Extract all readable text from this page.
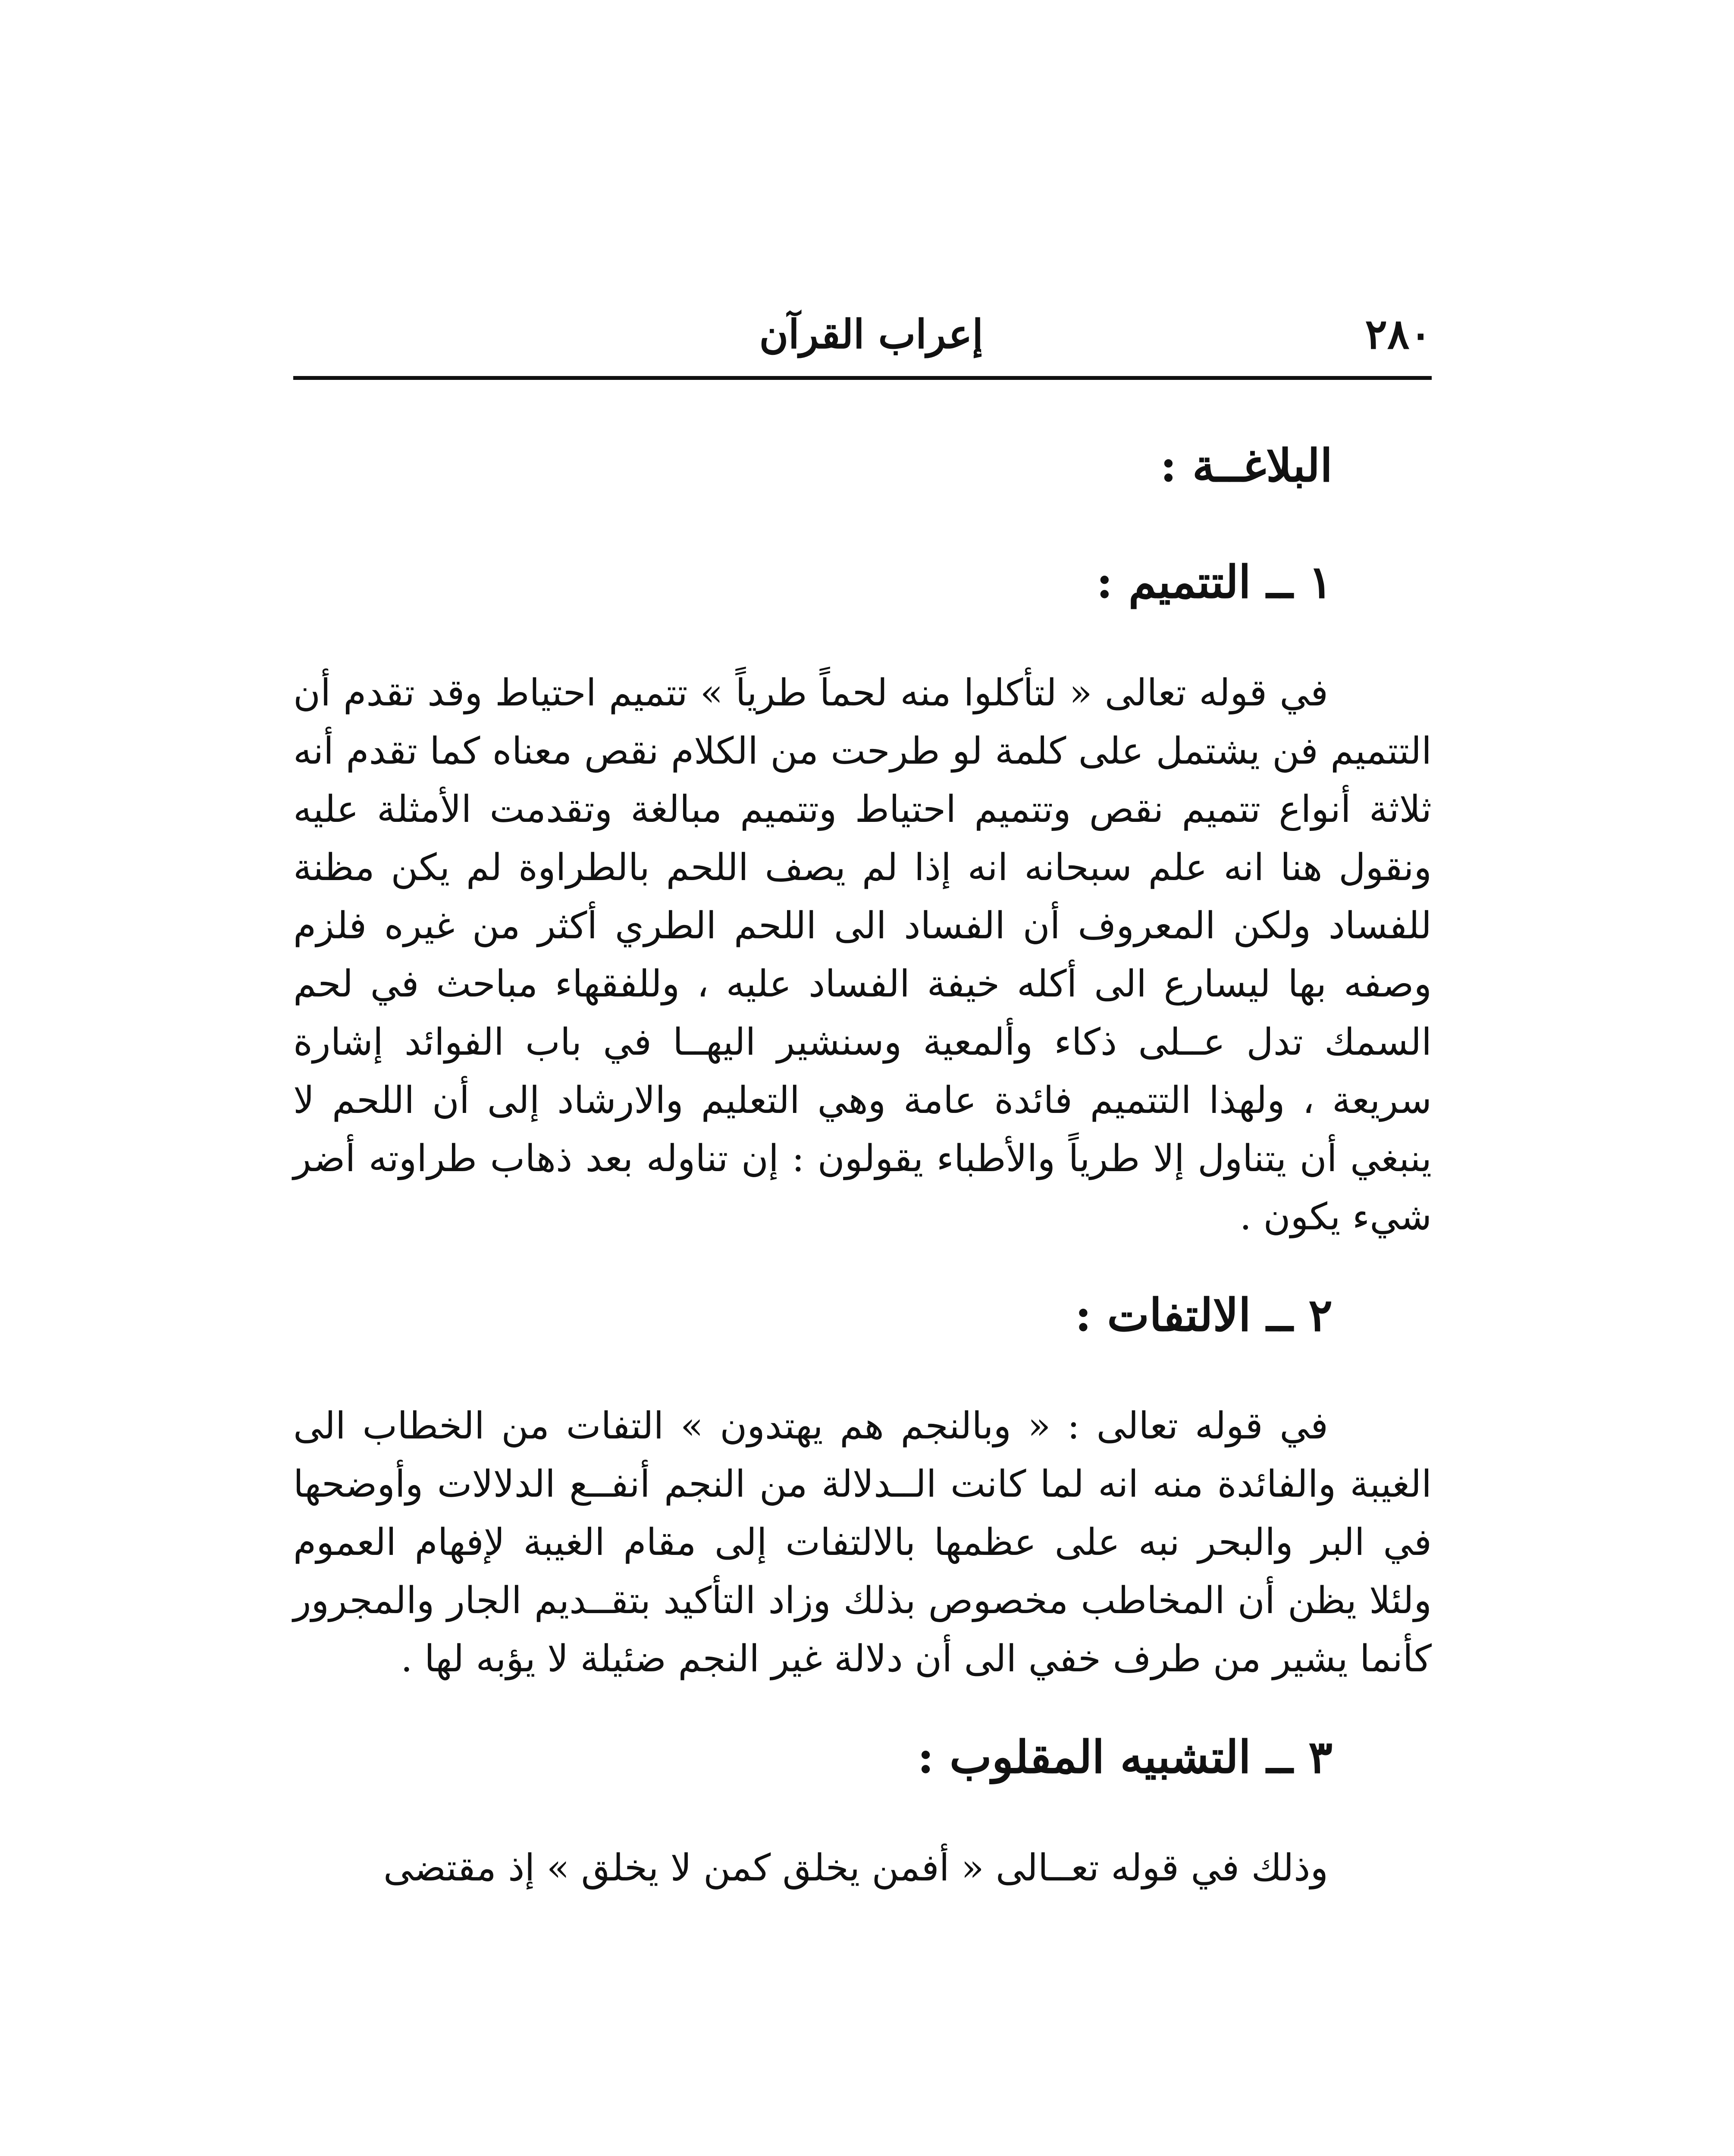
٢٨٠
إعراب القرآن
البلاغــة :
١ ــ التتميم :

في قوله تعالى « لتأكلوا منه لحماً طرياً » تتميم احتياط وقد تقدم أن التتميم فن يشتمل على كلمة لو طرحت من الكلام نقص معناه كما تقدم أنه ثلاثة أنواع تتميم نقص وتتميم احتياط وتتميم مبالغة وتقدمت الأمثلة عليه ونقول هنا انه علم سبحانه انه إذا لم يصف اللحم بالطراوة لم يكن مظنة للفساد ولكن المعروف أن الفساد الى اللحم الطري أكثر من غيره فلزم وصفه بها ليسارع الى أكله خيفة الفساد عليه ، وللفقهاء مباحث في لحم السمك تدل عــلى ذكاء وألمعية وسنشير اليهــا في باب الفوائد إشارة سريعة ، ولهذا التتميم فائدة عامة وهي التعليم والارشاد إلى أن اللحم لا ينبغي أن يتناول إلا طرياً والأطباء يقولون : إن تناوله بعد ذهاب طراوته أضر شيء يكون .

٢ ــ الالتفات :

في قوله تعالى : « وبالنجم هم يهتدون » التفات من الخطاب الى الغيبة والفائدة منه انه لما كانت الــدلالة من النجم أنفــع الدلالات وأوضحها في البر والبحر نبه على عظمها بالالتفات إلى مقام الغيبة لإفهام العموم ولئلا يظن أن المخاطب مخصوص بذلك وزاد التأكيد بتقــديم الجار والمجرور كأنما يشير من طرف خفي الى أن دلالة غير النجم ضئيلة لا يؤبه لها .

٣ ــ التشبيه المقلوب :

وذلك في قوله تعــالى « أفمن يخلق كمن لا يخلق » إذ مقتضى
